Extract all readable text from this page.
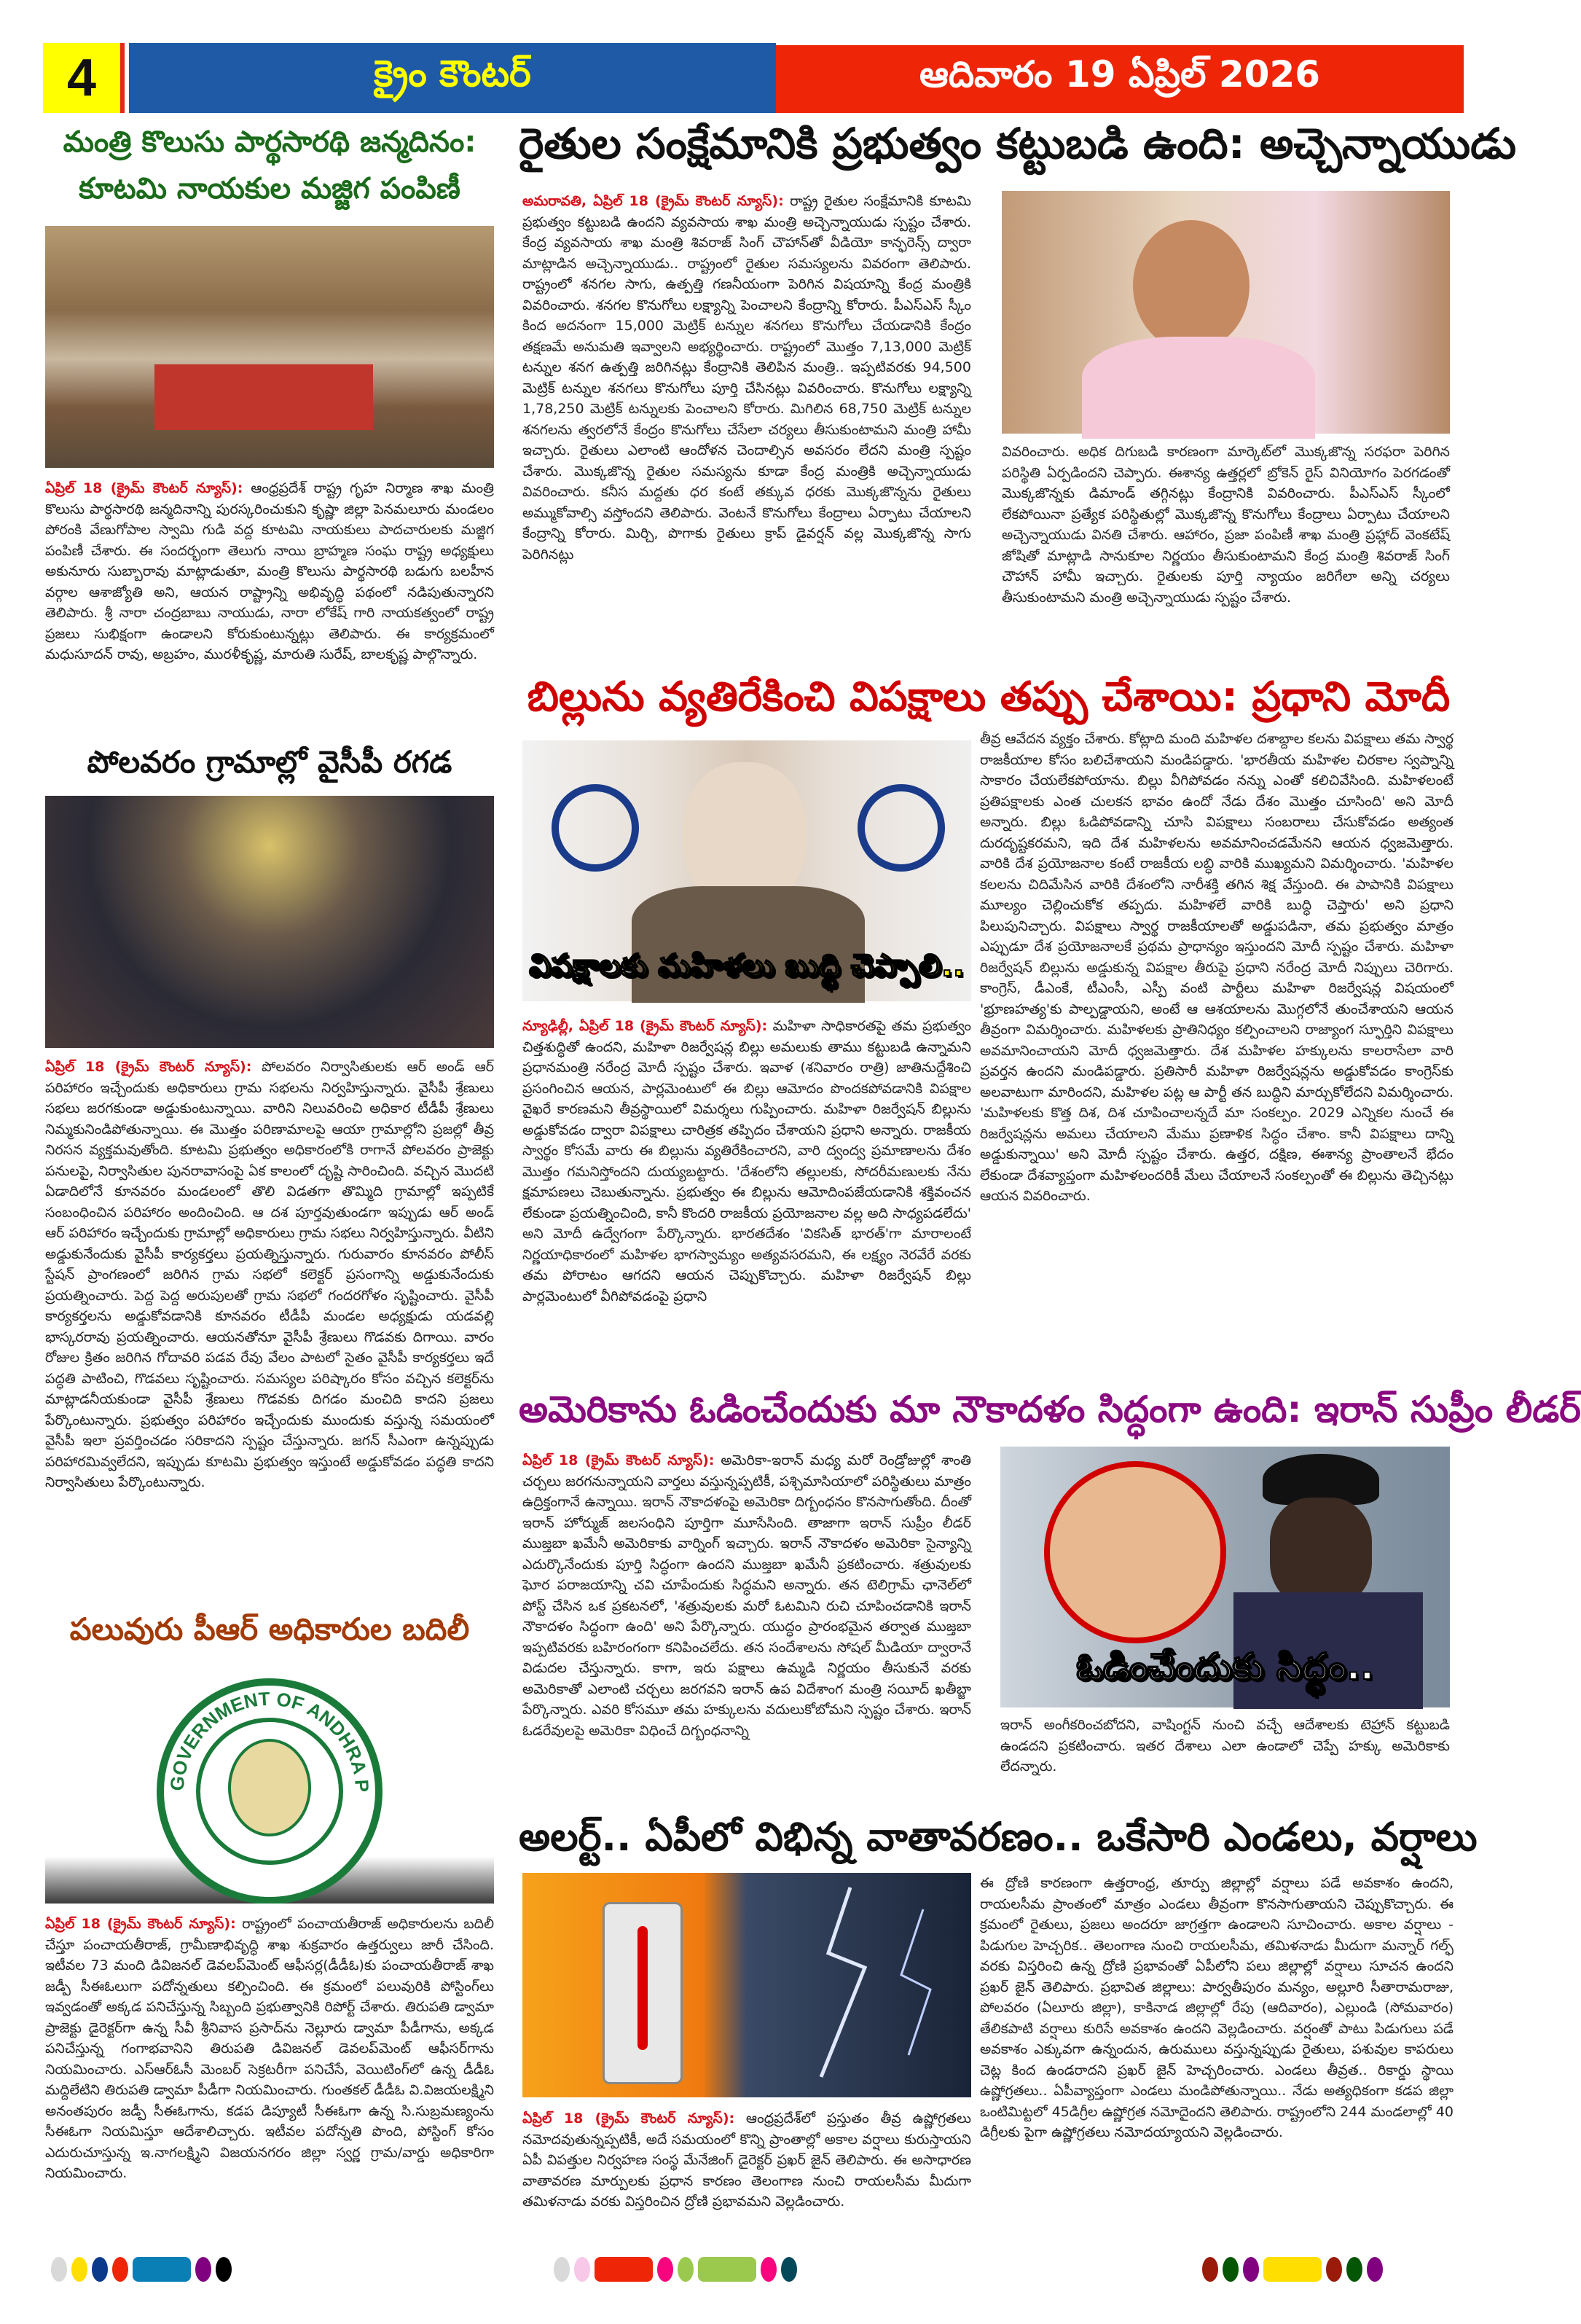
4	క్రైం కౌంటర్	ఆదివారం 19 ఏప్రిల్ 2026
మంత్రి కొలుసు పార్థసారథి జన్మదినం:
కూటమి నాయకుల మజ్జిగ పంపిణీ
ఏప్రిల్ 18 (క్రైమ్ కౌంటర్ న్యూస్): ఆంధ్రప్రదేశ్ రాష్ట్ర గృహ నిర్మాణ శాఖ మంత్రి కొలుసు పార్థసారథి జన్మదినాన్ని పురస్కరించుకుని కృష్ణా జిల్లా పెనమలూరు మండలం పోరంకి వేణుగోపాల స్వామి గుడి వద్ద కూటమి నాయకులు పాదచారులకు మజ్జిగ పంపిణీ చేశారు. ఈ సందర్భంగా తెలుగు నాయి బ్రాహ్మణ సంఘ రాష్ట్ర అధ్యక్షులు అకునూరు సుబ్బారావు మాట్లాడుతూ, మంత్రి కొలుసు పార్థసారథి బడుగు బలహీన వర్గాల ఆశాజ్యోతి అని, ఆయన రాష్ట్రాన్ని అభివృద్ధి పథంలో నడిపుతున్నారని తెలిపారు. శ్రీ నారా చంద్రబాబు నాయుడు, నారా లోకేష్ గారి నాయకత్వంలో రాష్ట్ర ప్రజలు సుభిక్షంగా ఉండాలని కోరుకుంటున్నట్లు తెలిపారు. ఈ కార్యక్రమంలో మధుసూదన్ రావు, అబ్రహం, మురళీకృష్ణ, మారుతి సురేష్, బాలకృష్ణ పాల్గొన్నారు.
పోలవరం గ్రామాల్లో వైసీపీ రగడ
ఏప్రిల్ 18 (క్రైమ్ కౌంటర్ న్యూస్): పోలవరం నిర్వాసితులకు ఆర్ అండ్ ఆర్ పరిహారం ఇచ్చేందుకు అధికారులు గ్రామ సభలను నిర్వహిస్తున్నారు. వైసీపీ శ్రేణులు సభలు జరగకుండా అడ్డుకుంటున్నాయి. వారిని నిలువరించి అధికార టీడీపీ శ్రేణులు నిమ్మకునిండిపోతున్నాయి. ఈ మొత్తం పరిణామాలపై ఆయా గ్రామాల్లోని ప్రజల్లో తీవ్ర నిరసన వ్యక్తమవుతోంది. కూటమి ప్రభుత్వం అధికారంలోకి రాగానే పోలవరం ప్రాజెక్టు పనులపై, నిర్వాసితుల పునరావాసంపై ఏక కాలంలో దృష్టి సారించింది. వచ్చిన మొదటి ఏడాదిలోనే కూనవరం మండలంలో తొలి విడతగా తొమ్మిది గ్రామాల్లో ఇప్పటికే సంబంధించిన పరిహారం అందించింది. ఆ దశ పూర్తవుతుండగా ఇప్పుడు ఆర్ అండ్ ఆర్ పరిహారం ఇచ్చేందుకు గ్రామాల్లో అధికారులు గ్రామ సభలు నిర్వహిస్తున్నారు. వీటిని అడ్డుకునేందుకు వైసీపీ కార్యకర్తలు ప్రయత్నిస్తున్నారు. గురువారం కూనవరం పోలీస్ స్టేషన్ ప్రాంగణంలో జరిగిన గ్రామ సభలో కలెక్టర్ ప్రసంగాన్ని అడ్డుకునేందుకు ప్రయత్నించారు. పెద్ద పెద్ద అరుపులతో గ్రామ సభలో గందరగోళం సృష్టించారు. వైసీపీ కార్యకర్తలను అడ్డుకోవడానికి కూనవరం టీడీపీ మండల అధ్యక్షుడు యడవల్లి భాస్కరరావు ప్రయత్నించారు. ఆయనతోనూ వైసీపీ శ్రేణులు గొడవకు దిగాయి. వారం రోజుల క్రితం జరిగిన గోదావరి పడవ రేవు వేలం పాటలో సైతం వైసీపీ కార్యకర్తలు ఇదే పద్ధతి పాటించి, గొడవలు సృష్టించారు. సమస్యల పరిష్కారం కోసం వచ్చిన కలెక్టర్‌ను మాట్లాడనీయకుండా వైసీపీ శ్రేణులు గొడవకు దిగడం మంచిది కాదని ప్రజలు పేర్కొంటున్నారు. ప్రభుత్వం పరిహారం ఇచ్చేందుకు ముందుకు వస్తున్న సమయంలో వైసీపీ ఇలా ప్రవర్తించడం సరికాదని స్పష్టం చేస్తున్నారు. జగన్ సీఎంగా ఉన్నప్పుడు పరిహారమివ్వలేదని, ఇప్పుడు కూటమి ప్రభుత్వం ఇస్తుంటే అడ్డుకోవడం పద్ధతి కాదని నిర్వాసితులు పేర్కొంటున్నారు.
పలువురు పీఆర్ అధికారుల బదిలీ
GOVERNMENT OF ANDHRA P
सत्यमेव जयते
ఏప్రిల్ 18 (క్రైమ్ కౌంటర్ న్యూస్): రాష్ట్రంలో పంచాయతీరాజ్ అధికారులను బదిలీ చేస్తూ పంచాయతీరాజ్, గ్రామీణాభివృద్ధి శాఖ శుక్రవారం ఉత్తర్వులు జారీ చేసింది. ఇటీవల 73 మంది డివిజనల్ డెవలప్‌మెంట్ ఆఫీసర్ల(డీడీఓ)కు పంచాయతీరాజ్ శాఖ జడ్పీ సీఈఓలుగా పదోన్నతులు కల్పించింది. ఈ క్రమంలో పలువురికి పోస్టింగ్‌లు ఇవ్వడంతో అక్కడ పనిచేస్తున్న సిబ్బంది ప్రభుత్వానికి రిపోర్ట్ చేశారు. తిరుపతి డ్వామా ప్రాజెక్టు డైరెక్టర్‌గా ఉన్న సీవీ శ్రీనివాస ప్రసాద్‌ను నెల్లూరు డ్వామా పీడీగాను, అక్కడ పనిచేస్తున్న గంగాభవానిని తిరుపతి డివిజనల్ డెవలప్‌మెంట్ ఆఫీసర్‌గాను నియమించారు. ఎస్ఆర్‌ఓసీ మెంబర్ సెక్రటరీగా పనిచేసే, వెయిటింగ్‌లో ఉన్న డీడీఓ మద్దిలేటిని తిరుపతి డ్వామా పీడీగా నియమించారు. గుంతకల్ డీడీఓ వి.విజయలక్ష్మిని అనంతపురం జడ్పీ సీఈఓగాను, కడప డిప్యూటీ సీఈఓగా ఉన్న సి.సుబ్రమణ్యంను సీఈఓగా నియమిస్తూ ఆదేశాలిచ్చారు. ఇటీవల పదోన్నతి పొంది, పోస్టింగ్ కోసం ఎదురుచూస్తున్న ఇ.నాగలక్ష్మిని విజయనగరం జిల్లా స్వర్ణ గ్రామ/వార్డు అధికారిగా నియమించారు.
రైతుల సంక్షేమానికి ప్రభుత్వం కట్టుబడి ఉంది: అచ్చెన్నాయుడు
అమరావతి, ఏప్రిల్ 18 (క్రైమ్ కౌంటర్ న్యూస్): రాష్ట్ర రైతుల సంక్షేమానికి కూటమి ప్రభుత్వం కట్టుబడి ఉందని వ్యవసాయ శాఖ మంత్రి అచ్చెన్నాయుడు స్పష్టం చేశారు. కేంద్ర వ్యవసాయ శాఖ మంత్రి శివరాజ్ సింగ్ చౌహాన్‌తో వీడియో కాన్ఫరెన్స్ ద్వారా మాట్లాడిన అచ్చెన్నాయుడు.. రాష్ట్రంలో రైతుల సమస్యలను వివరంగా తెలిపారు. రాష్ట్రంలో శనగల సాగు, ఉత్పత్తి గణనీయంగా పెరిగిన విషయాన్ని కేంద్ర మంత్రికి వివరించారు. శనగల కొనుగోలు లక్ష్యాన్ని పెంచాలని కేంద్రాన్ని కోరారు. పీఎస్ఎస్ స్కీం కింద అదనంగా 15,000 మెట్రిక్ టన్నుల శనగలు కొనుగోలు చేయడానికి కేంద్రం తక్షణమే అనుమతి ఇవ్వాలని అభ్యర్థించారు. రాష్ట్రంలో మొత్తం 7,13,000 మెట్రిక్ టన్నుల శనగ ఉత్పత్తి జరిగినట్లు కేంద్రానికి తెలిపిన మంత్రి.. ఇప్పటివరకు 94,500 మెట్రిక్ టన్నుల శనగలు కొనుగోలు పూర్తి చేసినట్లు వివరించారు. కొనుగోలు లక్ష్యాన్ని 1,78,250 మెట్రిక్ టన్నులకు పెంచాలని కోరారు. మిగిలిన 68,750 మెట్రిక్ టన్నుల శనగలను త్వరలోనే కేంద్రం కొనుగోలు చేసేలా చర్యలు తీసుకుంటామని మంత్రి హామీ ఇచ్చారు. రైతులు ఎలాంటి ఆందోళన చెందాల్సిన అవసరం లేదని మంత్రి స్పష్టం చేశారు. మొక్కజొన్న రైతుల సమస్యను కూడా కేంద్ర మంత్రికి అచ్చెన్నాయుడు వివరించారు. కనీస మద్దతు ధర కంటే తక్కువ ధరకు మొక్కజొన్నను రైతులు అమ్ముకోవాల్సి వస్తోందని తెలిపారు. వెంటనే కొనుగోలు కేంద్రాలు ఏర్పాటు చేయాలని కేంద్రాన్ని కోరారు. మిర్చి, పొగాకు రైతులు క్రాప్ డైవర్షన్ వల్ల మొక్కజొన్న సాగు పెరిగినట్లు
వివరించారు. అధిక దిగుబడి కారణంగా మార్కెట్‌లో మొక్కజొన్న సరఫరా పెరిగిన పరిస్థితి ఏర్పడిందని చెప్పారు. ఈశాన్య ఉత్తర్లలో బ్రోకెన్ రైస్ వినియోగం పెరగడంతో మొక్కజొన్నకు డిమాండ్ తగ్గినట్లు కేంద్రానికి వివరించారు. పీఎస్ఎస్ స్కీంలో లేకపోయినా ప్రత్యేక పరిస్థితుల్లో మొక్కజొన్న కొనుగోలు కేంద్రాలు ఏర్పాటు చేయాలని అచ్చెన్నాయుడు వినతి చేశారు. ఆహారం, ప్రజా పంపిణీ శాఖ మంత్రి ప్రహ్లాద్ వెంకటేష్ జోషితో మాట్లాడి సానుకూల నిర్ణయం తీసుకుంటామని కేంద్ర మంత్రి శివరాజ్ సింగ్ చౌహాన్ హామీ ఇచ్చారు. రైతులకు పూర్తి న్యాయం జరిగేలా అన్ని చర్యలు తీసుకుంటామని మంత్రి అచ్చెన్నాయుడు స్పష్టం చేశారు.
బిల్లును వ్యతిరేకించి విపక్షాలు తప్పు చేశాయి: ప్రధాని మోదీ
విపక్షాలకు మహిళలు బుద్ధి చెప్పాలి..
న్యూఢిల్లీ, ఏప్రిల్ 18 (క్రైమ్ కౌంటర్ న్యూస్): మహిళా సాధికారతపై తమ ప్రభుత్వం చిత్తశుద్ధితో ఉందని, మహిళా రిజర్వేషన్ల బిల్లు అమలుకు తాము కట్టుబడి ఉన్నామని ప్రధానమంత్రి నరేంద్ర మోదీ స్పష్టం చేశారు. ఇవాళ (శనివారం రాత్రి) జాతినుద్దేశించి ప్రసంగించిన ఆయన, పార్లమెంటులో ఈ బిల్లు ఆమోదం పొందకపోవడానికి విపక్షాల వైఖరే కారణమని తీవ్రస్థాయిలో విమర్శలు గుప్పించారు. మహిళా రిజర్వేషన్ బిల్లును అడ్డుకోవడం ద్వారా విపక్షాలు చారిత్రక తప్పిదం చేశాయని ప్రధాని అన్నారు. రాజకీయ స్వార్థం కోసమే వారు ఈ బిల్లును వ్యతిరేకించారని, వారి ద్వంద్వ ప్రమాణాలను దేశం మొత్తం గమనిస్తోందని దుయ్యబట్టారు. 'దేశంలోని తల్లులకు, సోదరీమణులకు నేను క్షమాపణలు చెబుతున్నాను. ప్రభుత్వం ఈ బిల్లును ఆమోదింపజేయడానికి శక్తివంచన లేకుండా ప్రయత్నించింది, కానీ కొందరి రాజకీయ ప్రయోజనాల వల్ల అది సాధ్యపడలేదు' అని మోదీ ఉద్వేగంగా పేర్కొన్నారు. భారతదేశం 'వికసిత్ భారత్'గా మారాలంటే నిర్ణయాధికారంలో మహిళల భాగస్వామ్యం అత్యవసరమని, ఈ లక్ష్యం నెరవేరే వరకు తమ పోరాటం ఆగదని ఆయన చెప్పుకొచ్చారు. మహిళా రిజర్వేషన్ బిల్లు పార్లమెంటులో వీగిపోవడంపై ప్రధాని
తీవ్ర ఆవేదన వ్యక్తం చేశారు. కోట్లాది మంది మహిళల దశాబ్దాల కలను విపక్షాలు తమ స్వార్థ రాజకీయాల కోసం బలిచేశాయని మండిపడ్డారు. 'భారతీయ మహిళల చిరకాల స్వప్నాన్ని సాకారం చేయలేకపోయాను. బిల్లు వీగిపోవడం నన్ను ఎంతో కలిచివేసింది. మహిళలంటే ప్రతిపక్షాలకు ఎంత చులకన భావం ఉందో నేడు దేశం మొత్తం చూసింది' అని మోదీ అన్నారు. బిల్లు ఓడిపోవడాన్ని చూసి విపక్షాలు సంబరాలు చేసుకోవడం అత్యంత దురదృష్టకరమని, ఇది దేశ మహిళలను అవమానించడమేనని ఆయన ధ్వజమెత్తారు. వారికి దేశ ప్రయోజనాల కంటే రాజకీయ లబ్ధి వారికి ముఖ్యమని విమర్శించారు. 'మహిళల కలలను చిదిమేసిన వారికి దేశంలోని నారీశక్తి తగిన శిక్ష వేస్తుంది. ఈ పాపానికి విపక్షాలు మూల్యం చెల్లించుకోక తప్పదు. మహిళలే వారికి బుద్ధి చెప్తారు' అని ప్రధాని పిలుపునిచ్చారు. విపక్షాలు స్వార్థ రాజకీయాలతో అడ్డుపడినా, తమ ప్రభుత్వం మాత్రం ఎప్పుడూ దేశ ప్రయోజనాలకే ప్రథమ ప్రాధాన్యం ఇస్తుందని మోదీ స్పష్టం చేశారు. మహిళా రిజర్వేషన్ బిల్లును అడ్డుకున్న విపక్షాల తీరుపై ప్రధాని నరేంద్ర మోదీ నిప్పులు చెరిగారు. కాంగ్రెస్, డీఎంకే, టీఎంసీ, ఎస్పీ వంటి పార్టీలు మహిళా రిజర్వేషన్ల విషయంలో 'భ్రూణహత్య'కు పాల్పడ్డాయని, అంటే ఆ ఆశయాలను మొగ్గలోనే తుంచేశాయని ఆయన తీవ్రంగా విమర్శించారు. మహిళలకు ప్రాతినిధ్యం కల్పించాలని రాజ్యాంగ స్ఫూర్తిని విపక్షాలు అవమానించాయని మోదీ ధ్వజమెత్తారు. దేశ మహిళల హక్కులను కాలరాసేలా వారి ప్రవర్తన ఉందని మండిపడ్డారు. ప్రతిసారీ మహిళా రిజర్వేషన్లను అడ్డుకోవడం కాంగ్రెస్‌కు అలవాటుగా మారిందని, మహిళల పట్ల ఆ పార్టీ తన బుద్ధిని మార్చుకోలేదని విమర్శించారు. 'మహిళలకు కొత్త దిశ, దిశ చూపించాలన్నదే మా సంకల్పం. 2029 ఎన్నికల నుంచే ఈ రిజర్వేషన్లను అమలు చేయాలని మేము ప్రణాళిక సిద్ధం చేశాం. కానీ విపక్షాలు దాన్ని అడ్డుకున్నాయి' అని మోదీ స్పష్టం చేశారు. ఉత్తర, దక్షిణ, ఈశాన్య ప్రాంతాలనే భేదం లేకుండా దేశవ్యాప్తంగా మహిళలందరికీ మేలు చేయాలనే సంకల్పంతో ఈ బిల్లును తెచ్చినట్లు ఆయన వివరించారు.
అమెరికాను ఓడించేందుకు మా నౌకాదళం సిద్ధంగా ఉంది: ఇరాన్ సుప్రీం లీడర్
ఏప్రిల్ 18 (క్రైమ్ కౌంటర్ న్యూస్): అమెరికా-ఇరాన్ మధ్య మరో రెండ్రోజుల్లో శాంతి చర్చలు జరగనున్నాయని వార్తలు వస్తున్నప్పటికీ, పశ్చిమాసియాలో పరిస్థితులు మాత్రం ఉద్రిక్తంగానే ఉన్నాయి. ఇరాన్ నౌకాదళంపై అమెరికా దిగ్బంధనం కొనసాగుతోంది. దీంతో ఇరాన్ హోర్ముజ్ జలసంధిని పూర్తిగా మూసేసింది. తాజాగా ఇరాన్ సుప్రీం లీడర్ ముజ్తబా ఖమేనీ అమెరికాకు వార్నింగ్ ఇచ్చారు. ఇరాన్ నౌకాదళం అమెరికా సైన్యాన్ని ఎదుర్కొనేందుకు పూర్తి సిద్ధంగా ఉందని ముజ్తబా ఖమేనీ ప్రకటించారు. శత్రువులకు ఘోర పరాజయాన్ని చవి చూపేందుకు సిద్ధమని అన్నారు. తన టెలిగ్రామ్ ఛానెల్‌లో పోస్ట్ చేసిన ఒక ప్రకటనలో, 'శత్రువులకు మరో ఓటమిని రుచి చూపించడానికి ఇరాన్ నౌకాదళం సిద్ధంగా ఉంది' అని పేర్కొన్నారు. యుద్ధం ప్రారంభమైన తర్వాత ముజ్తబా ఇప్పటివరకు బహిరంగంగా కనిపించలేదు. తన సందేశాలను సోషల్ మీడియా ద్వారానే విడుదల చేస్తున్నారు. కాగా, ఇరు పక్షాలు ఉమ్మడి నిర్ణయం తీసుకునే వరకు అమెరికాతో ఎలాంటి చర్చలు జరగవని ఇరాన్ ఉప విదేశాంగ మంత్రి సయీద్ ఖతీబ్జా పేర్కొన్నారు. ఎవరి కోసమూ తమ హక్కులను వదులుకోబోమని స్పష్టం చేశారు. ఇరాన్ ఓడరేవులపై అమెరికా విధించే దిగ్బంధనాన్ని
ఓడించేందుకు సిద్ధం..
ఇరాన్ అంగీకరించబోదని, వాషింగ్టన్ నుంచి వచ్చే ఆదేశాలకు టెహ్రాన్ కట్టుబడి ఉండదని ప్రకటించారు. ఇతర దేశాలు ఎలా ఉండాలో చెప్పే హక్కు అమెరికాకు లేదన్నారు.
అలర్ట్.. ఏపీలో విభిన్న వాతావరణం.. ఒకేసారి ఎండలు, వర్షాలు
ఏప్రిల్ 18 (క్రైమ్ కౌంటర్ న్యూస్): ఆంధ్రప్రదేశ్‌లో ప్రస్తుతం తీవ్ర ఉష్ణోగ్రతలు నమోదవుతున్నప్పటికీ, అదే సమయంలో కొన్ని ప్రాంతాల్లో అకాల వర్షాలు కురుస్తాయని ఏపీ విపత్తుల నిర్వహణ సంస్థ మేనేజింగ్ డైరెక్టర్ ప్రఖర్ జైన్ తెలిపారు. ఈ అసాధారణ వాతావరణ మార్పులకు ప్రధాన కారణం తెలంగాణ నుంచి రాయలసీమ మీదుగా తమిళనాడు వరకు విస్తరించిన ద్రోణి ప్రభావమని వెల్లడించారు.
ఈ ద్రోణి కారణంగా ఉత్తరాంధ్ర, తూర్పు జిల్లాల్లో వర్షాలు పడే అవకాశం ఉందని, రాయలసీమ ప్రాంతంలో మాత్రం ఎండలు తీవ్రంగా కొనసాగుతాయని చెప్పుకొచ్చారు. ఈ క్రమంలో రైతులు, ప్రజలు అందరూ జాగ్రత్తగా ఉండాలని సూచించారు. అకాల వర్షాలు - పిడుగుల హెచ్చరిక.. తెలంగాణ నుంచి రాయలసీమ, తమిళనాడు మీదుగా మన్నార్ గల్ఫ్ వరకు విస్తరించి ఉన్న ద్రోణి ప్రభావంతో ఏపీలోని పలు జిల్లాల్లో వర్షాలు సూచన ఉందని ప్రఖర్ జైన్ తెలిపారు. ప్రభావిత జిల్లాలు: పార్వతీపురం మన్యం, అల్లూరి సీతారామరాజు, పోలవరం (ఏలూరు జిల్లా), కాకినాడ జిల్లాల్లో రేపు (ఆదివారం), ఎల్లుండి (సోమవారం) తేలికపాటి వర్షాలు కురిసే అవకాశం ఉందని వెల్లడించారు. వర్షంతో పాటు పిడుగులు పడే అవకాశం ఎక్కువగా ఉన్నందున, ఉరుములు వస్తున్నప్పుడు రైతులు, పశువుల కాపరులు చెట్ల కింద ఉండరాదని ప్రఖర్ జైన్ హెచ్చరించారు. ఎండలు తీవ్రత.. రికార్డు స్థాయి ఉష్ణోగ్రతలు.. ఏపీవ్యాప్తంగా ఎండలు మండిపోతున్నాయి.. నేడు అత్యధికంగా కడప జిల్లా ఒంటిమిట్టలో 45డిగ్రీల ఉష్ణోగ్రత నమోదైందని తెలిపారు. రాష్ట్రంలోని 244 మండలాల్లో 40 డిగ్రీలకు పైగా ఉష్ణోగ్రతలు నమోదయ్యాయని వెల్లడించారు.
